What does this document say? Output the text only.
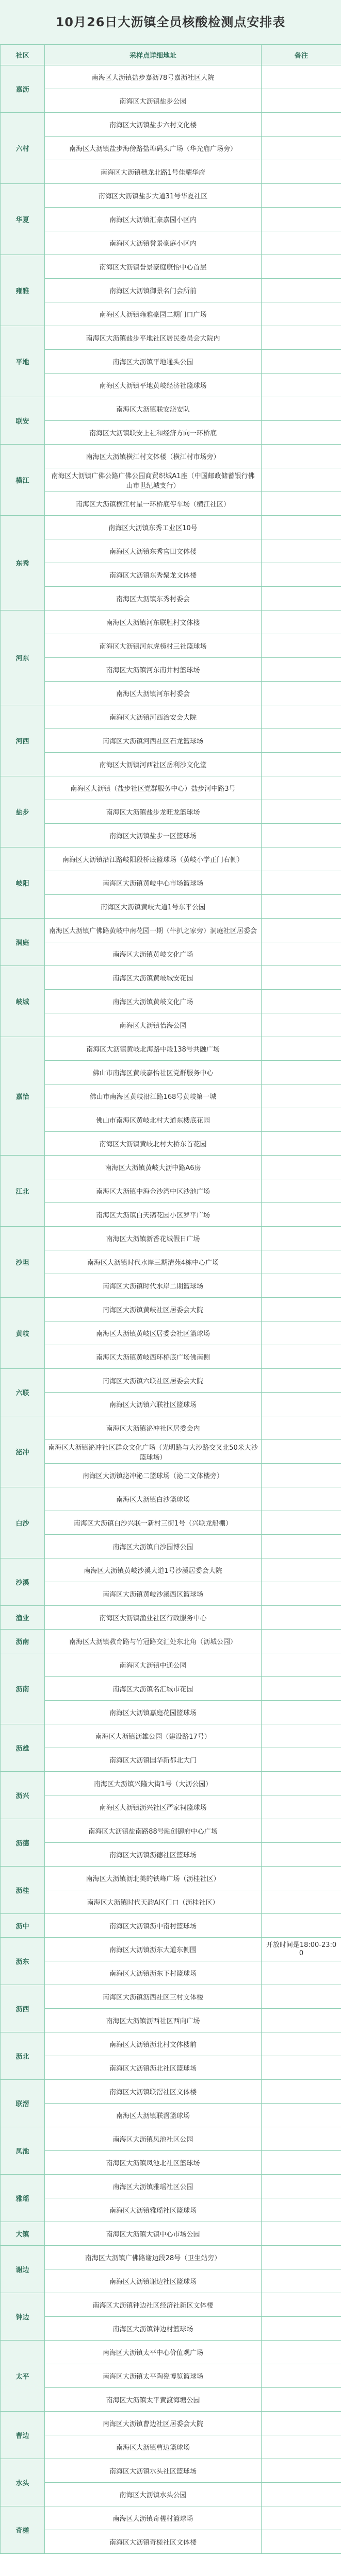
10月26日大沥镇全员核酸检测点安排表
社区	采样点详细地址	备注
嘉沥	南海区大沥镇盐步嘉沥78号嘉沥社区大院	
	南海区大沥镇盐步公园	
六村	南海区大沥镇盐步六村文化楼	
	南海区大沥镇盐步海傍路盐埠码头广场（华光庙广场旁）	
	南海区大沥镇穗龙北路1号佳耀华府	
华夏	南海区大沥镇盐步大道31号华夏社区	
	南海区大沥镇汇豪嘉园小区内	
	南海区大沥镇誉景豪庭小区内	
雍雅	南海区大沥镇誉景豪庭康怡中心首层	
	南海区大沥镇御景名门会所前	
	南海区大沥镇雍雅豪园二期门口广场	
平地	南海区大沥镇盐步平地社区居民委员会大院内	
	南海区大沥镇平地通头公园	
	南海区大沥镇平地黄岐经济社篮球场	
联安	南海区大沥镇联安泌安队	
	南海区大沥镇联安上社和经济方向一环桥底	
横江	南海区大沥镇横江村文体楼（横江村市场旁）	
	南海区大沥镇广佛公路广佛公园商贸织城A1座（中国邮政储蓄银行佛山市世纪城支行）	
	南海区大沥镇横江村星一环桥底停车场（横江社区）	
东秀	南海区大沥镇东秀工业区10号	
	南海区大沥镇东秀官田文体楼	
	南海区大沥镇东秀聚龙文体楼	
	南海区大沥镇东秀村委会	
河东	南海区大沥镇河东联胜村文体楼	
	南海区大沥镇河东虎榜村三社篮球场	
	南海区大沥镇河东南井村篮球场	
	南海区大沥镇河东村委会	
河西	南海区大沥镇河西治安会大院	
	南海区大沥镇河西社区石龙篮球场	
	南海区大沥镇河西社区岳利沙文化堂	
盐步	南海区大沥镇（盐步社区党群服务中心）盐步河中路3号	
	南海区大沥镇盐步龙旺龙篮球场	
	南海区大沥镇盐步一区篮球场	
岐阳	南海区大沥镇沿江路岐阳段桥底篮球场（黄岐小学正门右侧）	
	南海区大沥镇黄岐中心市场篮球场	
	南海区大沥镇黄岐大道1号东平公园	
洞庭	南海区大沥镇广佛路黄岐中南花园一期（牛扒之家旁）洞庭社区居委会	
	南海区大沥镇黄岐文化广场	
岐城	南海区大沥镇黄岐城安花园	
	南海区大沥镇黄岐文化广场	
	南海区大沥镇怡海公园	
嘉怡	南海区大沥镇黄岐北海路中段138号共融广场	
	佛山市南海区黄岐嘉怡社区党群服务中心	
	佛山市南海区黄岐沿江路168号黄岐第一城	
	佛山市南海区黄岐北村大道东楼底花园	
	南海区大沥镇黄岐北村大桥东首花园	
江北	南海区大沥镇黄岐大沥中路A6房	
	南海区大沥镇中海金沙湾中区沙池广场	
	南海区大沥镇白天鹅花园小区罗平广场	
沙坦	南海区大沥镇新香花城假日广场	
	南海区大沥镇时代水岸三期清苑4栋中心广场	
	南海区大沥镇时代水岸二期篮球场	
黄岐	南海区大沥镇黄岐社区居委会大院	
	南海区大沥镇黄岐区居委会社区篮球场	
	南海区大沥镇黄岐西环桥底广场佛南侧	
六联	南海区大沥镇六联社区居委会大院	
	南海区大沥镇六联社区篮球场	
泌冲	南海区大沥镇泌冲社区居委会内	
	南海区大沥镇泌冲社区群众文化广场（光明路与大沙路交叉北50米大沙篮球场）	
	南海区大沥镇泌冲泌二篮球场（泌二文体楼旁）	
白沙	南海区大沥镇白沙篮球场	
	南海区大沥镇白沙兴联一新村三街1号（兴联龙船棚）	
	南海区大沥镇白沙园博公园	
沙溪	南海区大沥镇黄岐沙溪大道1号沙溪居委会大院	
	南海区大沥镇黄岐沙溪西区篮球场	
渔业	南海区大沥镇渔业社区行政服务中心	
沥南	南海区大沥镇教育路与竹冠路交汇处东北角（沥城公园）	
沥南	南海区大沥镇中通公园	
	南海区大沥镇名汇城市花园	
	南海区大沥镇嘉庭花园篮球场	
沥雄	南海区大沥镇沥雄公园（建设路17号）	
	南海区大沥镇国华新都北大门	
沥兴	南海区大沥镇兴隆大街1号（大沥公园）	
	南海区大沥镇沥兴社区严家祠篮球场	
沥德	南海区大沥镇盐南路88号融创御府中心广场	
	南海区大沥镇沥德社区篮球场	
沥桂	南海区大沥镇沥北美的铁峰广场（沥桂社区）	
	南海区大沥镇时代天韵A区门口（沥桂社区）	
沥中	南海区大沥镇沥中南村篮球场	
沥东	南海区大沥镇沥东大道东侧围	开放时间是18:00-23:00
	南海区大沥镇沥东下村篮球场	
沥西	南海区大沥镇沥西社区三村文体楼	
	南海区大沥镇沥西社区西向广场	
沥北	南海区大沥镇沥北村文体楼前	
	南海区大沥镇沥北社区篮球场	
联滘	南海区大沥镇联滘社区文体楼	
	南海区大沥镇联滘篮球场	
凤池	南海区大沥镇凤池社区公园	
	南海区大沥镇凤池北社区篮球场	
雅瑶	南海区大沥镇雅瑶社区公园	
	南海区大沥镇雅瑶社区篮球场	
大镇	南海区大沥镇大镇中心市场公园	
谢边	南海区大沥镇广佛路谢边段28号（卫生站旁）	
	南海区大沥镇谢边社区篮球场	
钟边	南海区大沥镇钟边社区经济社新区文体楼	
	南海区大沥镇钟边村篮球场	
太平	南海区大沥镇太平中心价值观广场	
	南海区大沥镇太平陶瓷博览篮球场	
	南海区大沥镇太平黄渡海塘公园	
曹边	南海区大沥镇曹边社区居委会大院	
	南海区大沥镇曹边篮球场	
水头	南海区大沥镇水头社区篮球场	
	南海区大沥镇水头公园	
奇槎	南海区大沥镇奇槎村篮球场	
	南海区大沥镇奇槎社区文体楼	
